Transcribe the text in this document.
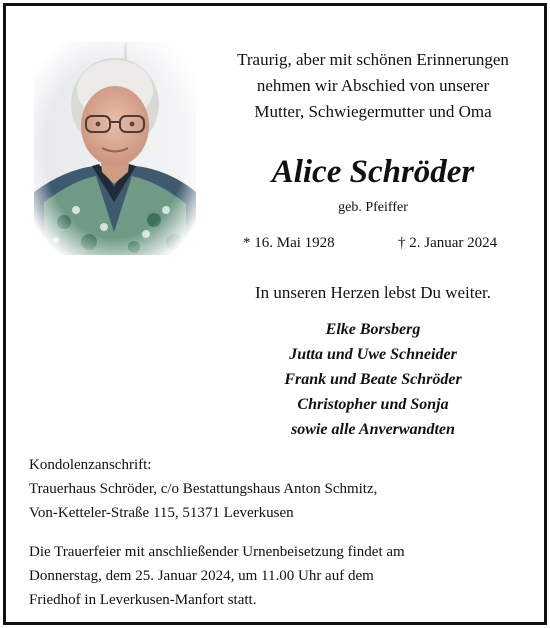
Traurig, aber mit schönen Erinnerungen
nehmen wir Abschied von unserer
Mutter, Schwiegermutter und Oma
Alice Schröder
geb. Pfeiffer
* 16. Mai 1928	† 2. Januar 2024
In unseren Herzen lebst Du weiter.
Elke Borsberg
Jutta und Uwe Schneider
Frank und Beate Schröder
Christopher und Sonja
sowie alle Anverwandten
Kondolenzanschrift:
Trauerhaus Schröder, c/o Bestattungshaus Anton Schmitz,
Von-Ketteler-Straße 115, 51371 Leverkusen
Die Trauerfeier mit anschließender Urnenbeisetzung findet am
Donnerstag, dem 25. Januar 2024, um 11.00 Uhr auf dem
Friedhof in Leverkusen-Manfort statt.
